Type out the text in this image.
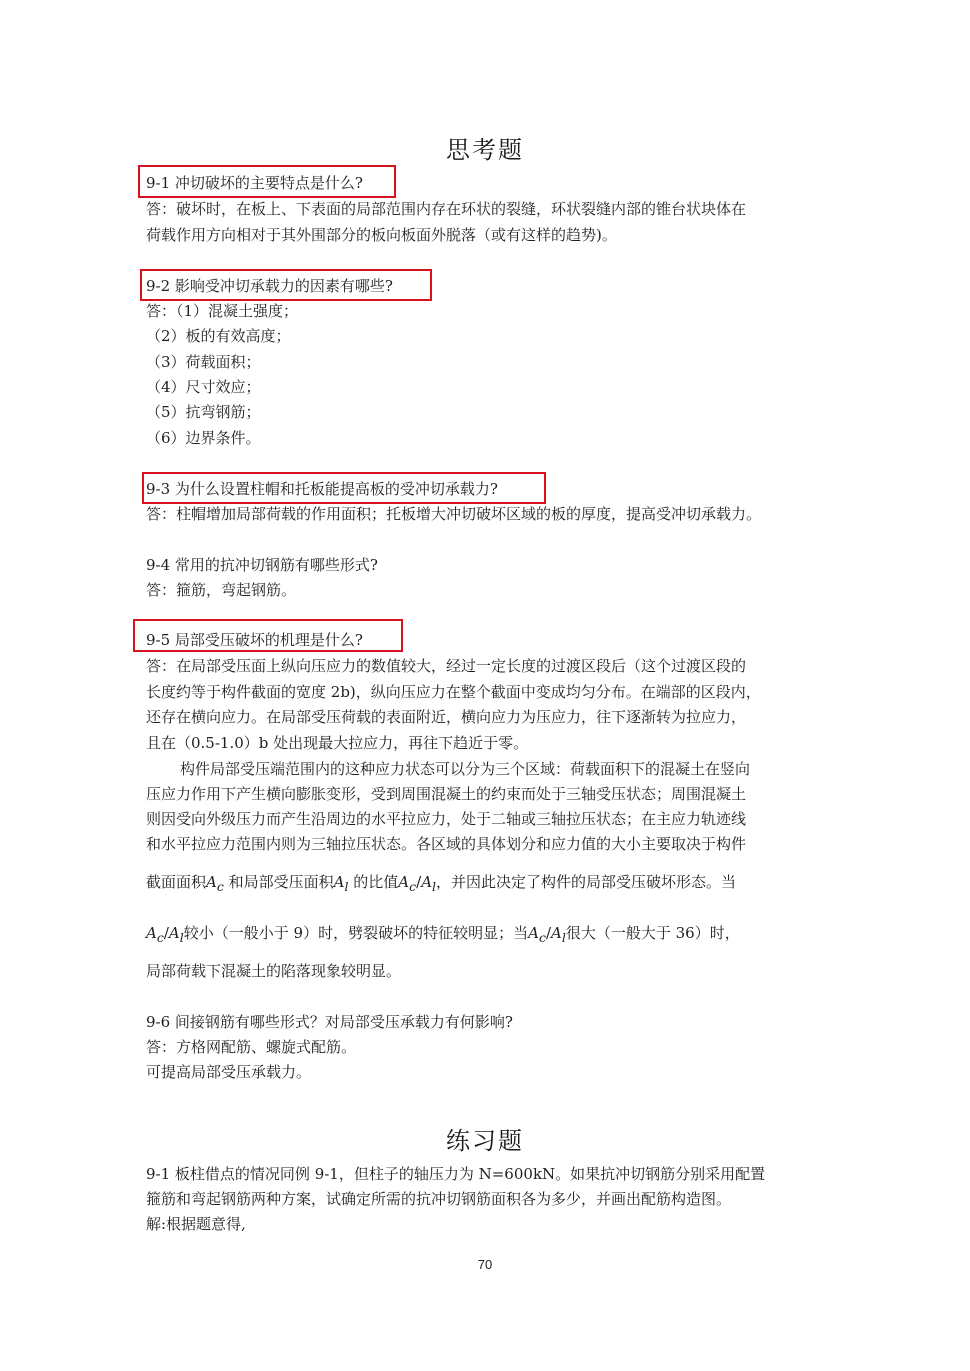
思考题
9-1 冲切破坏的主要特点是什么?
答：破坏时，在板上、下表面的局部范围内存在环状的裂缝，环状裂缝内部的锥台状块体在
荷载作用方向相对于其外围部分的板向板面外脱落（或有这样的趋势)。
9-2 影响受冲切承载力的因素有哪些?
答：（1）混凝土强度；
（2）板的有效高度；
（3）荷载面积；
（4）尺寸效应；
（5）抗弯钢筋；
（6）边界条件。
9-3 为什么设置柱帽和托板能提高板的受冲切承载力?
答：柱帽增加局部荷载的作用面积；托板增大冲切破坏区域的板的厚度，提高受冲切承载力。
9-4 常用的抗冲切钢筋有哪些形式?
答：箍筋，弯起钢筋。
9-5 局部受压破坏的机理是什么?
答：在局部受压面上纵向压应力的数值较大，经过一定长度的过渡区段后（这个过渡区段的
长度约等于构件截面的宽度 2b)，纵向压应力在整个截面中变成均匀分布。在端部的区段内，
还存在横向应力。在局部受压荷载的表面附近，横向应力为压应力，往下逐渐转为拉应力，
且在（0.5-1.0）b 处出现最大拉应力，再往下趋近于零。
构件局部受压端范围内的这种应力状态可以分为三个区域：荷载面积下的混凝土在竖向
压应力作用下产生横向膨胀变形，受到周围混凝土的约束而处于三轴受压状态；周围混凝土
则因受向外级压力而产生沿周边的水平拉应力，处于二轴或三轴拉压状态；在主应力轨迹线
和水平拉应力范围内则为三轴拉压状态。各区域的具体划分和应力值的大小主要取决于构件
截面面积$A_c$ 和局部受压面积$A_l$ 的比值$A_c/A_l$，并因此决定了构件的局部受压破坏形态。当
$A_c/A_l$较小（一般小于 9）时，劈裂破坏的特征较明显；当$A_c/A_l$很大（一般大于 36）时，
局部荷载下混凝土的陷落现象较明显。
9-6 间接钢筋有哪些形式？对局部受压承载力有何影响?
答：方格网配筋、螺旋式配筋。
可提高局部受压承载力。
练习题
9-1 板柱借点的情况同例 9-1，但柱子的轴压力为 N=600kN。如果抗冲切钢筋分别采用配置
箍筋和弯起钢筋两种方案，试确定所需的抗冲切钢筋面积各为多少，并画出配筋构造图。
解:根据题意得,
70
